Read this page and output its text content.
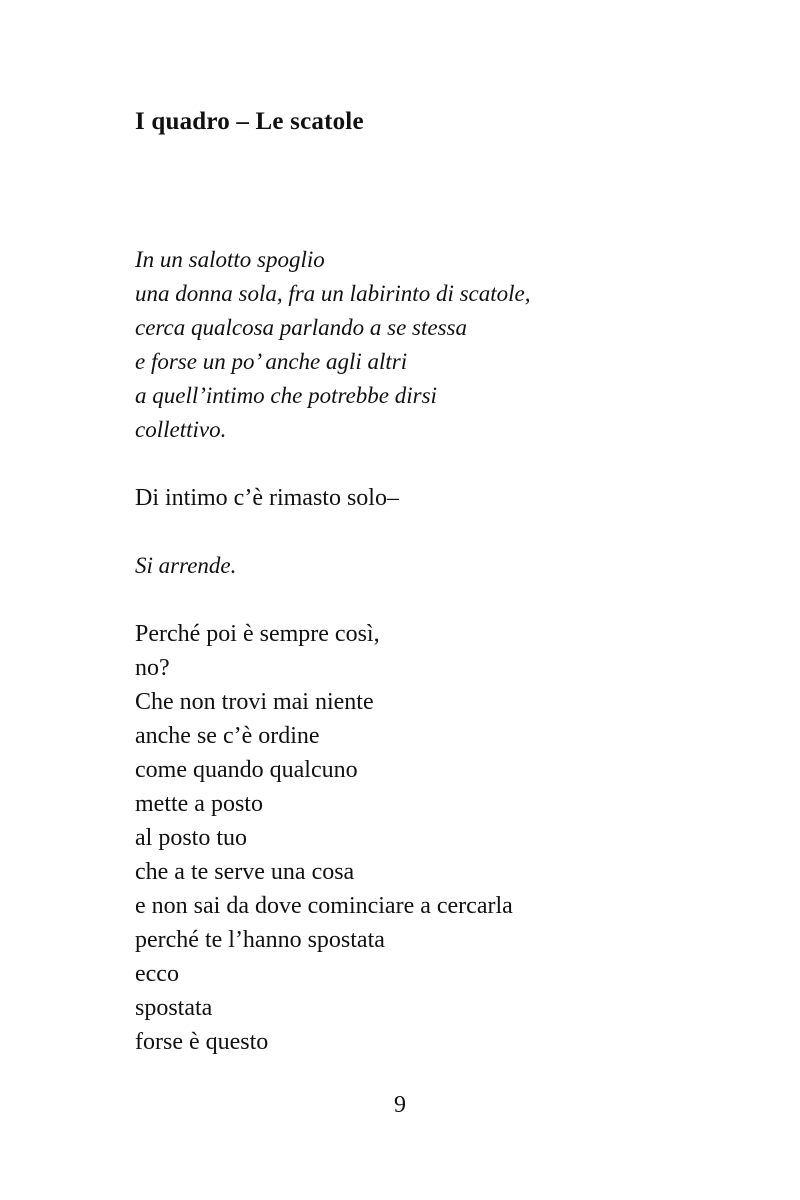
I quadro – Le scatole
In un salotto spoglio
una donna sola, fra un labirinto di scatole,
cerca qualcosa parlando a se stessa
e forse un po’ anche agli altri
a quell’intimo che potrebbe dirsi
collettivo.

Di intimo c’è rimasto solo–

Si arrende.

Perché poi è sempre così,
no?
Che non trovi mai niente
anche se c’è ordine
come quando qualcuno
mette a posto
al posto tuo
che a te serve una cosa
e non sai da dove cominciare a cercarla
perché te l’hanno spostata
ecco
spostata
forse è questo

9
